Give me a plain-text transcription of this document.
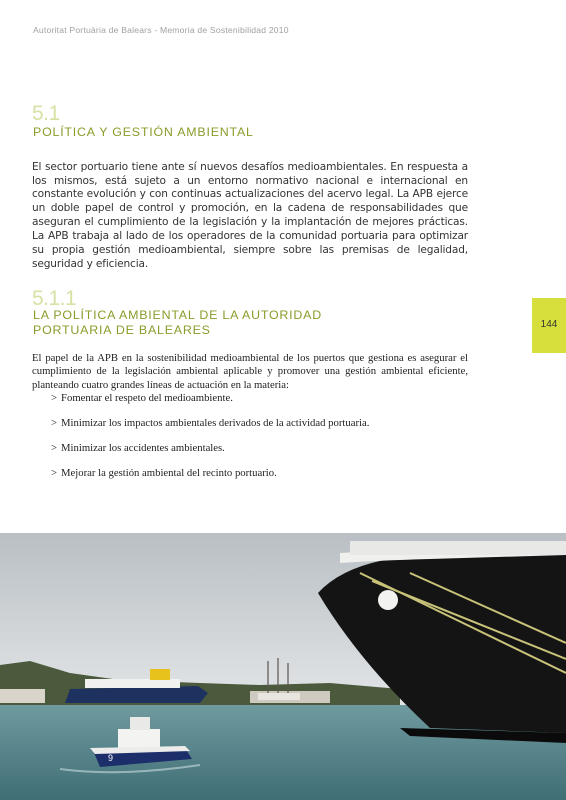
Autoritat Portuària de Balears - Memoria de Sostenibilidad 2010
5.1
POLÍTICA Y GESTIÓN AMBIENTAL

El sector portuario tiene ante sí nuevos desafíos medioambientales. En respuesta a los mismos, está sujeto a un entorno normativo nacional e internacional en constante evolución y con continuas actualizaciones del acervo legal. La APB ejerce un doble papel de control y promoción, en la cadena de responsabilidades que aseguran el cumplimiento de la legislación y la implantación de mejores prácticas. La APB trabaja al lado de los operadores de la comunidad portuaria para optimizar su propia gestión medioambiental, siempre sobre las premisas de legalidad, seguridad y eficiencia.

5.1.1
LA POLÍTICA AMBIENTAL DE LA AUTORIDAD
PORTUARIA DE BALEARES

El papel de la APB en la sostenibilidad medioambiental de los puertos que gestiona es asegurar el cumplimiento de la legislación ambiental aplicable y promover una gestión ambiental eficiente, planteando cuatro grandes líneas de actuación en la materia:

> Fomentar el respeto del medioambiente.
> Minimizar los impactos ambientales derivados de la actividad portuaria.
> Minimizar los accidentes ambientales.
> Mejorar la gestión ambiental del recinto portuario.
144
9
